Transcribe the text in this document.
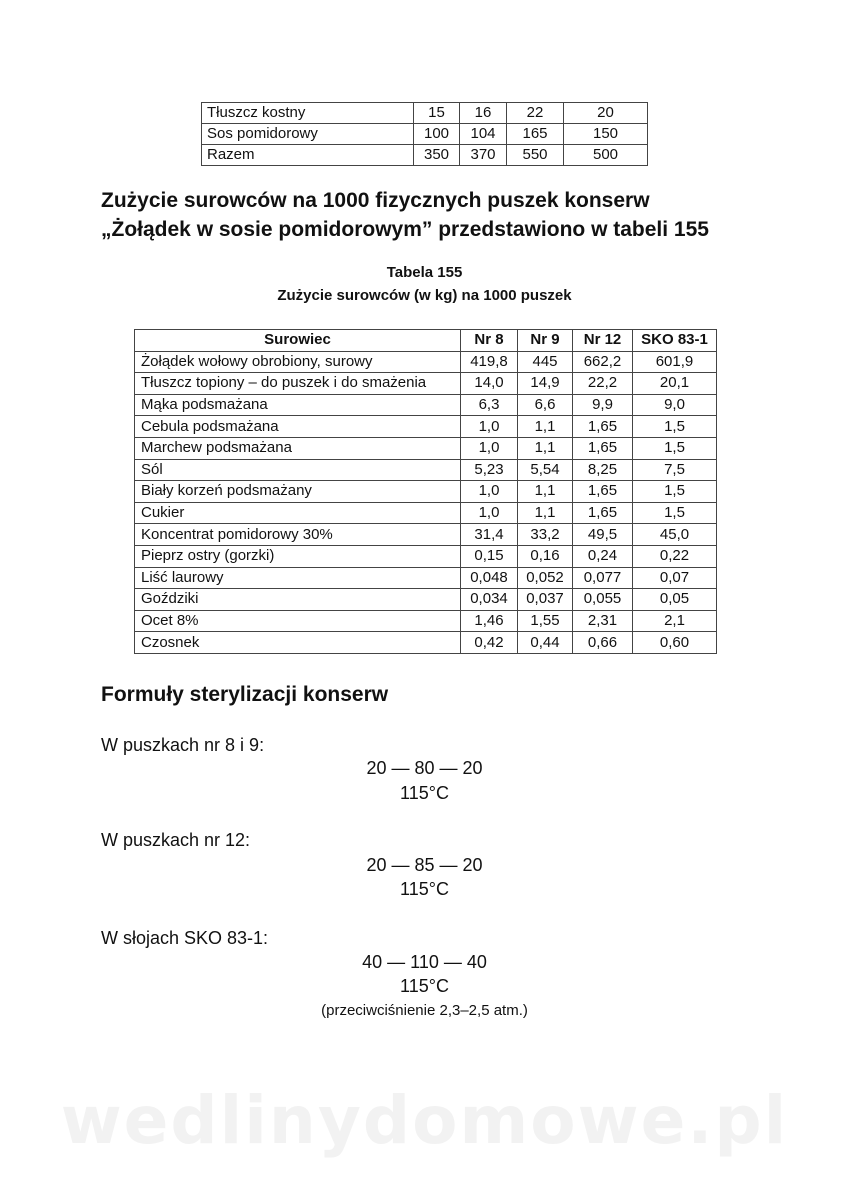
Tłuszcz kostny	15	16	22	20
Sos pomidorowy	100	104	165	150
Razem	350	370	550	500
Zużycie surowców na 1000 fizycznych puszek konserw
„Żołądek w sosie pomidorowym” przedstawiono w tabeli 155
Tabela 155
Zużycie surowców (w kg) na 1000 puszek
Surowiec	Nr 8	Nr 9	Nr 12	SKO 83-1
Żołądek wołowy obrobiony, surowy	419,8	445	662,2	601,9
Tłuszcz topiony – do puszek i do smażenia	14,0	14,9	22,2	20,1
Mąka podsmażana	6,3	6,6	9,9	9,0
Cebula podsmażana	1,0	1,1	1,65	1,5
Marchew podsmażana	1,0	1,1	1,65	1,5
Sól	5,23	5,54	8,25	7,5
Biały korzeń podsmażany	1,0	1,1	1,65	1,5
Cukier	1,0	1,1	1,65	1,5
Koncentrat pomidorowy 30%	31,4	33,2	49,5	45,0
Pieprz ostry (gorzki)	0,15	0,16	0,24	0,22
Liść laurowy	0,048	0,052	0,077	0,07
Goździki	0,034	0,037	0,055	0,05
Ocet 8%	1,46	1,55	2,31	2,1
Czosnek	0,42	0,44	0,66	0,60
Formuły sterylizacji konserw
W puszkach nr 8 i 9:
20 — 80 — 20
115°C
W puszkach nr 12:
20 — 85 — 20
115°C
W słojach SKO 83-1:
40 — 110 — 40
115°C
(przeciwciśnienie 2,3–2,5 atm.)
wedlinydomowe.pl
